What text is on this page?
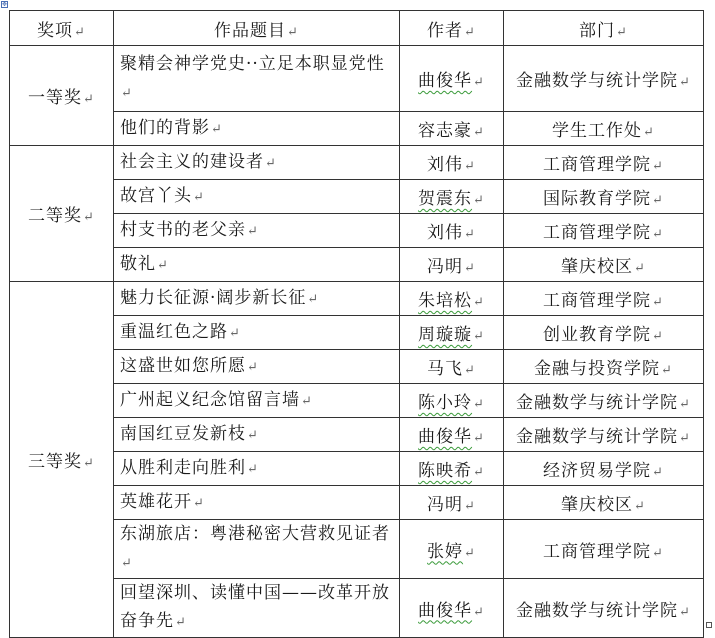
✥
奖项↵	作品题目↵	作者↵	部门↵
一等奖↵	聚精会神学党史··立足本职显党性↵	曲俊华↵	金融数学与统计学院↵
	他们的背影↵	容志豪↵	学生工作处↵
二等奖↵	社会主义的建设者↵	刘伟↵	工商管理学院↵
	故宫丫头↵	贺震东↵	国际教育学院↵
	村支书的老父亲↵	刘伟↵	工商管理学院↵
	敬礼↵	冯明↵	肇庆校区↵
三等奖↵	魅力长征源·阔步新长征↵	朱培松↵	工商管理学院↵
	重温红色之路↵	周璇璇↵	创业教育学院↵
	这盛世如您所愿↵	马飞↵	金融与投资学院↵
	广州起义纪念馆留言墙↵	陈小玲↵	金融数学与统计学院↵
	南国红豆发新枝↵	曲俊华↵	金融数学与统计学院↵
	从胜利走向胜利↵	陈映希↵	经济贸易学院↵
	英雄花开↵	冯明↵	肇庆校区↵
	东湖旅店：粤港秘密大营救见证者↵	张婷↵	工商管理学院↵
	回望深圳、读懂中国——改革开放奋争先↵	曲俊华↵	金融数学与统计学院↵
